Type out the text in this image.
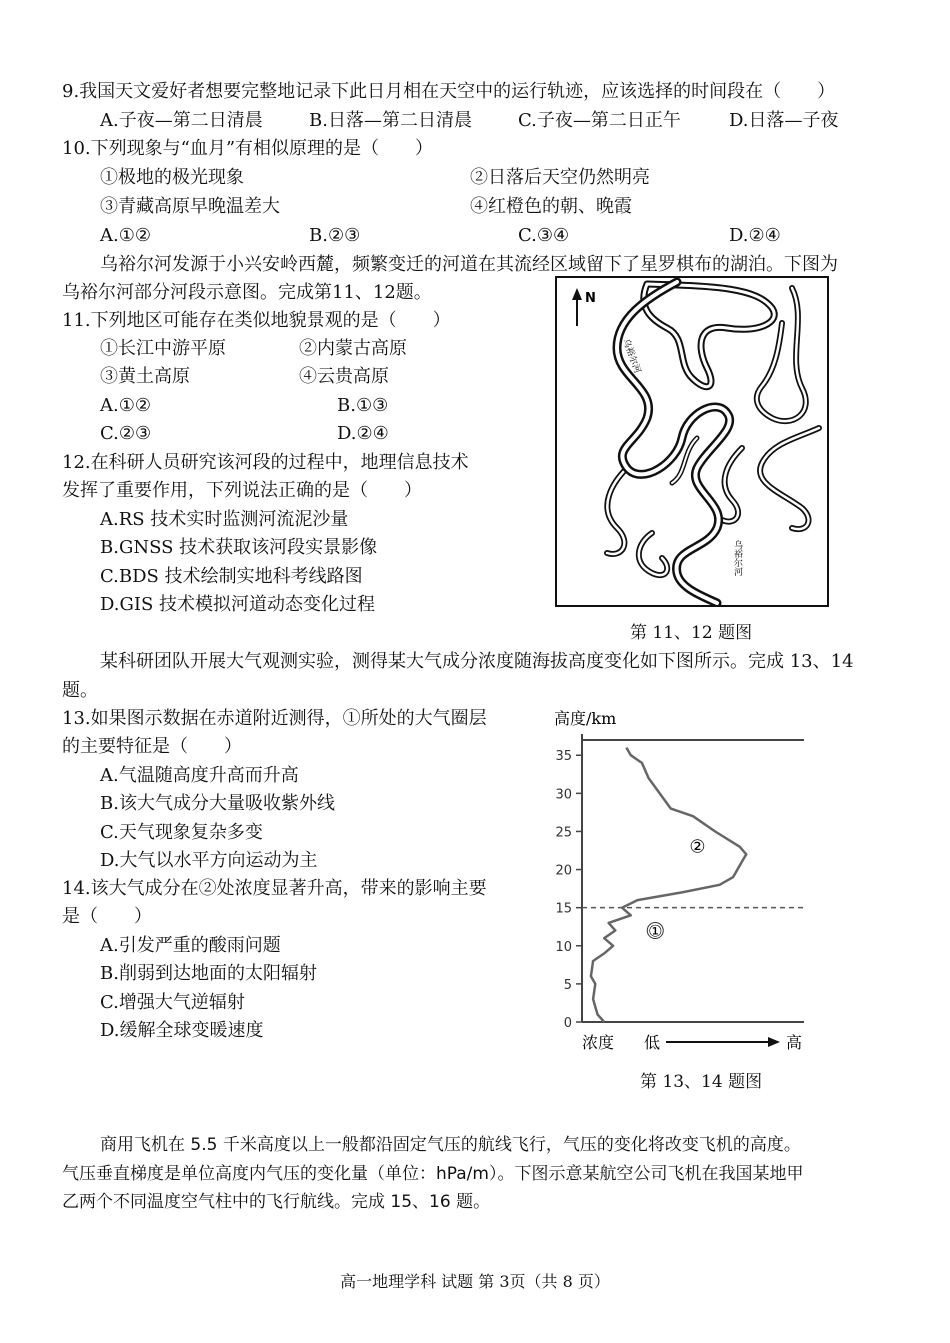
9.我国天文爱好者想要完整地记录下此日月相在天空中的运行轨迹，应该选择的时间段在（　　）
A.子夜—第二日清晨	B.日落—第二日清晨	C.子夜—第二日正午	D.日落—子夜
10.下列现象与“血月”有相似原理的是（　　）
①极地的极光现象	②日落后天空仍然明亮
③青藏高原早晚温差大	④红橙色的朝、晚霞
A.①②	B.②③	C.③④	D.②④
乌裕尔河发源于小兴安岭西麓，频繁变迁的河道在其流经区域留下了星罗棋布的湖泊。下图为
乌裕尔河部分河段示意图。完成第11、12题。
11.下列地区可能存在类似地貌景观的是（　　）
①长江中游平原	②内蒙古高原
③黄土高原	④云贵高原
A.①②	B.①③
C.②③	D.②④
12.在科研人员研究该河段的过程中，地理信息技术
发挥了重要作用，下列说法正确的是（　　）
A.RS 技术实时监测河流泥沙量
B.GNSS 技术获取该河段实景影像
C.BDS 技术绘制实地科考线路图
D.GIS 技术模拟河道动态变化过程
N
乌裕尔河
乌裕尔河
第 11、12 题图
某科研团队开展大气观测实验，测得某大气成分浓度随海拔高度变化如下图所示。完成 13、14
题。
13.如果图示数据在赤道附近测得，①所处的大气圈层
的主要特征是（　　）
A.气温随高度升高而升高
B.该大气成分大量吸收紫外线
C.天气现象复杂多变
D.大气以水平方向运动为主
14.该大气成分在②处浓度显著升高，带来的影响主要
是（　　）
A.引发严重的酸雨问题
B.削弱到达地面的太阳辐射
C.增强大气逆辐射
D.缓解全球变暖速度
高度/km
0
5
10
15
20
25
30
35
①
②
浓度 低	高
第 13、14 题图
商用飞机在 5.5 千米高度以上一般都沿固定气压的航线飞行，气压的变化将改变飞机的高度。
气压垂直梯度是单位高度内气压的变化量（单位：hPa/m）。下图示意某航空公司飞机在我国某地甲
乙两个不同温度空气柱中的飞行航线。完成 15、16 题。
高一地理学科 试题 第 3页（共 8 页）
